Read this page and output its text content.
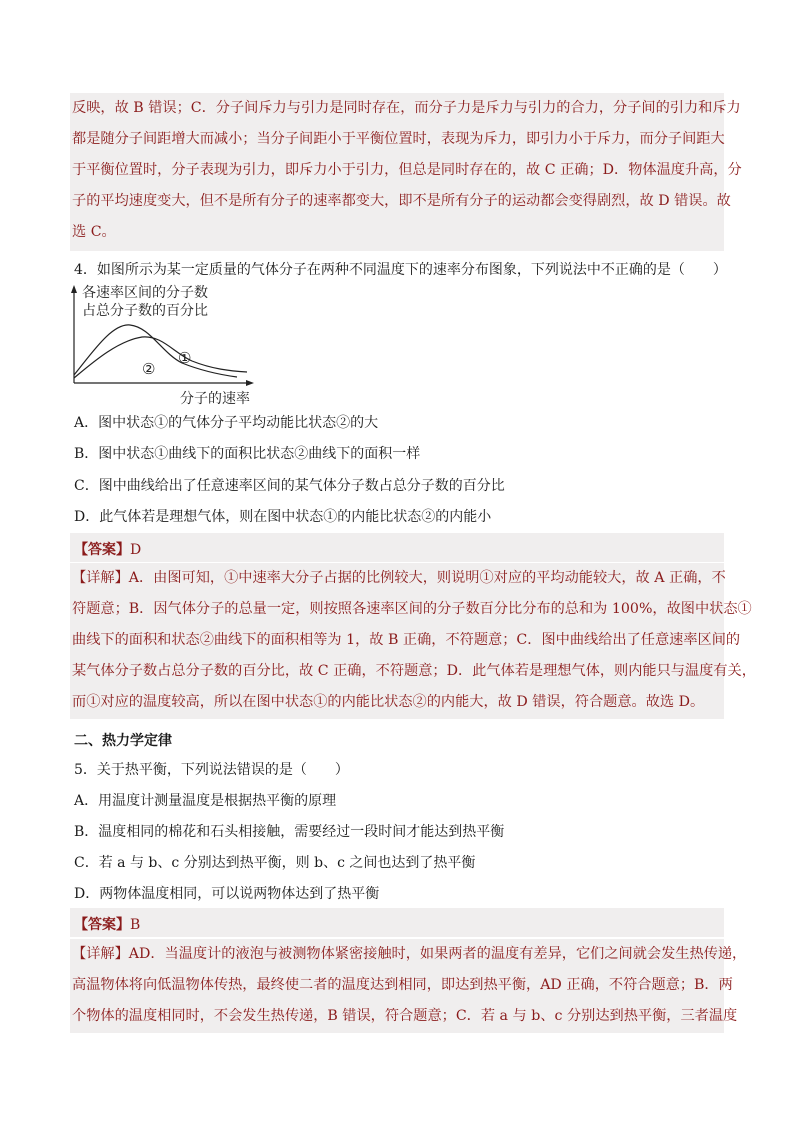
反映，故 B 错误；C．分子间斥力与引力是同时存在，而分子力是斥力与引力的合力，分子间的引力和斥力
都是随分子间距增大而减小；当分子间距小于平衡位置时，表现为斥力，即引力小于斥力，而分子间距大
于平衡位置时，分子表现为引力，即斥力小于引力，但总是同时存在的，故 C 正确；D．物体温度升高，分
子的平均速度变大，但不是所有分子的速率都变大，即不是所有分子的运动都会变得剧烈，故 D 错误。故
选 C。
4．如图所示为某一定质量的气体分子在两种不同温度下的速率分布图象，下列说法中不正确的是（　　）
各速率区间的分子数
占总分子数的百分比
①
②
分子的速率
A．图中状态①的气体分子平均动能比状态②的大
B．图中状态①曲线下的面积比状态②曲线下的面积一样
C．图中曲线给出了任意速率区间的某气体分子数占总分子数的百分比
D．此气体若是理想气体，则在图中状态①的内能比状态②的内能小
【答案】D
【详解】A．由图可知，①中速率大分子占据的比例较大，则说明①对应的平均动能较大，故 A 正确，不
符题意；B．因气体分子的总量一定，则按照各速率区间的分子数百分比分布的总和为 100%，故图中状态①
曲线下的面积和状态②曲线下的面积相等为 1，故 B 正确，不符题意；C．图中曲线给出了任意速率区间的
某气体分子数占总分子数的百分比，故 C 正确，不符题意；D．此气体若是理想气体，则内能只与温度有关，
而①对应的温度较高，所以在图中状态①的内能比状态②的内能大，故 D 错误，符合题意。故选 D。
二、热力学定律
5．关于热平衡，下列说法错误的是（　　）
A．用温度计测量温度是根据热平衡的原理
B．温度相同的棉花和石头相接触，需要经过一段时间才能达到热平衡
C．若 a 与 b、c 分别达到热平衡，则 b、c 之间也达到了热平衡
D．两物体温度相同，可以说两物体达到了热平衡
【答案】B
【详解】AD．当温度计的液泡与被测物体紧密接触时，如果两者的温度有差异，它们之间就会发生热传递，
高温物体将向低温物体传热，最终使二者的温度达到相同，即达到热平衡，AD 正确，不符合题意；B．两
个物体的温度相同时，不会发生热传递，B 错误，符合题意；C．若 a 与 b、c 分别达到热平衡，三者温度
